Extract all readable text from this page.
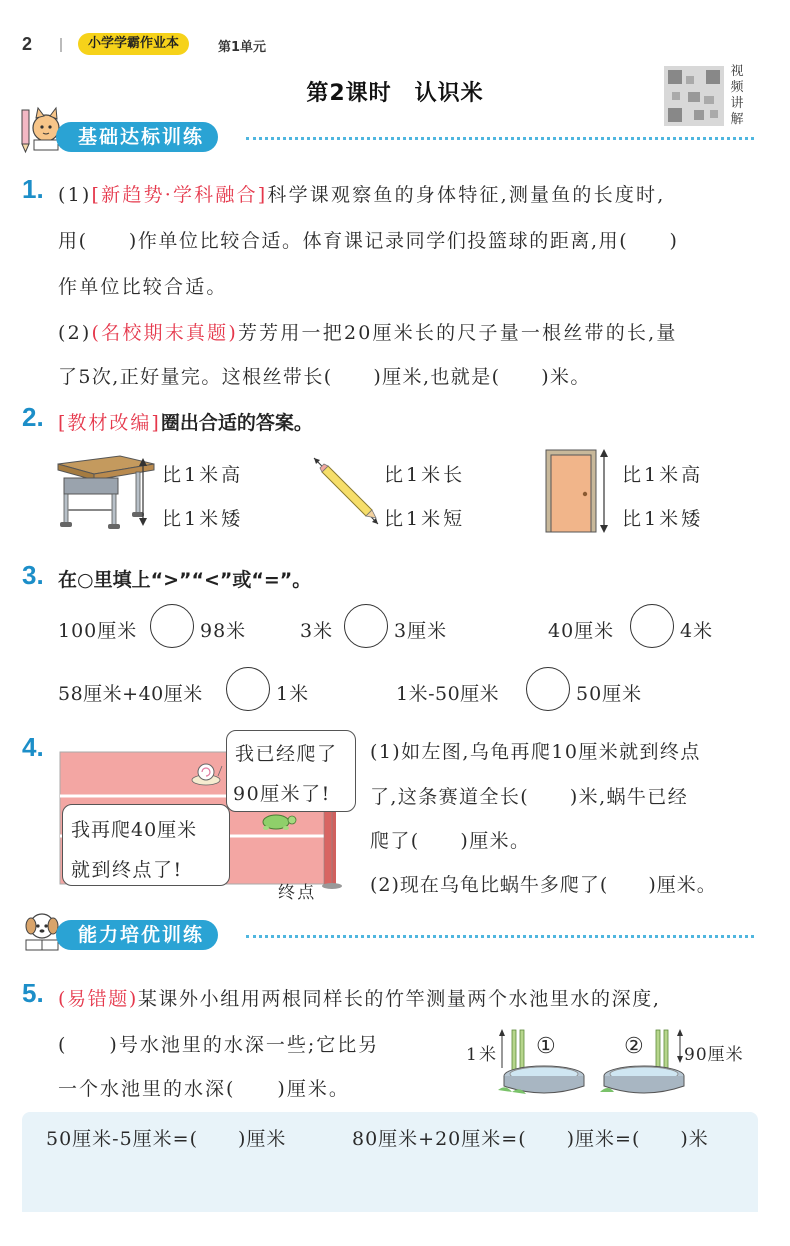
2	小学学霸作业本	第1单元
第2课时　认识米
视
频
讲
解
基础达标训练
1. (1)[新趋势·学科融合]科学课观察鱼的身体特征,测量鱼的长度时,
用(　　)作单位比较合适。体育课记录同学们投篮球的距离,用(　　)
作单位比较合适。
(2)(名校期末真题)芳芳用一把20厘米长的尺子量一根丝带的长,量
了5次,正好量完。这根丝带长(　　)厘米,也就是(　　)米。
2. [教材改编]圈出合适的答案。
比1米高
比1米矮
比1米长
比1米短
比1米高
比1米矮
3. 在○里填上“>”“<”或“=”。
100厘米	98米	3米	3厘米	40厘米	4米
58厘米+40厘米	1米	1米-50厘米	50厘米
4.	我已经爬了
90厘米了!
我再爬40厘米
就到终点了!
终点
(1)如左图,乌龟再爬10厘米就到终点
了,这条赛道全长(　　)米,蜗牛已经
爬了(　　)厘米。
(2)现在乌龟比蜗牛多爬了(　　)厘米。
能力培优训练
5. (易错题)某课外小组用两根同样长的竹竿测量两个水池里水的深度,
(　　)号水池里的水深一些;它比另
一个水池里的水深(　　)厘米。
1米 ①	② 90厘米
50厘米-5厘米=(　　)厘米	80厘米+20厘米=(　　)厘米=(　　)米
